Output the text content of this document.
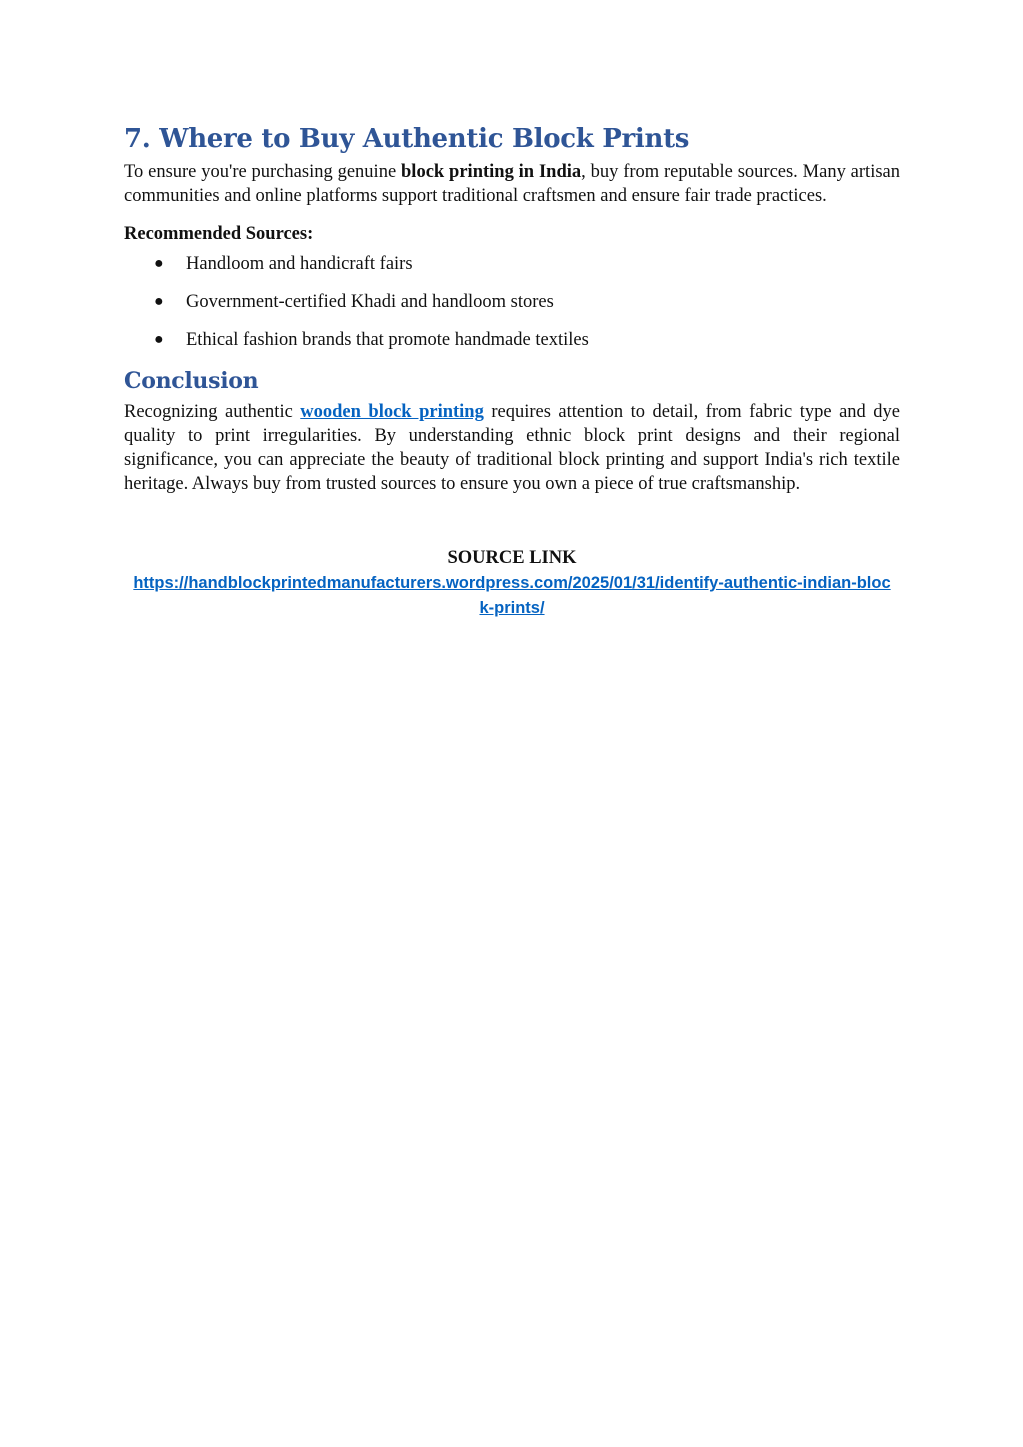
7. Where to Buy Authentic Block Prints

To ensure you're purchasing genuine block printing in India, buy from reputable sources. Many artisan communities and online platforms support traditional craftsmen and ensure fair trade practices.

Recommended Sources:

● Handloom and handicraft fairs
● Government-certified Khadi and handloom stores
● Ethical fashion brands that promote handmade textiles
Conclusion

Recognizing authentic wooden block printing requires attention to detail, from fabric type and dye quality to print irregularities. By understanding ethnic block print designs and their regional significance, you can appreciate the beauty of traditional block printing and support India's rich textile heritage. Always buy from trusted sources to ensure you own a piece of true craftsmanship.

SOURCE LINK
https://handblockprintedmanufacturers.wordpress.com/2025/01/31/identify-authentic-indian-block-prints/
